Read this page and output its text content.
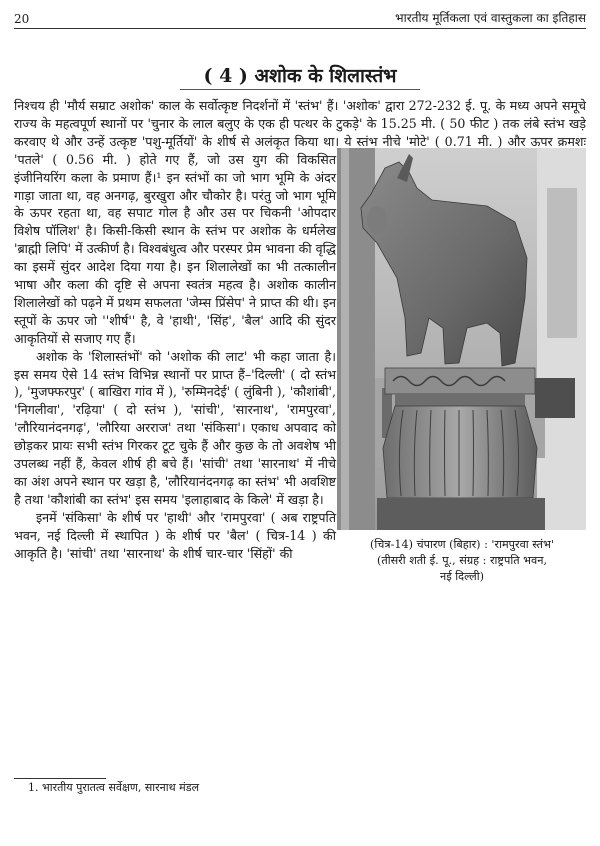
20	भारतीय मूर्तिकला एवं वास्तुकला का इतिहास
( 4 ) अशोक के शिलास्तंभ
(चित्र-14) चंपारण (बिहार) : 'रामपुरवा स्तंभ'
(तीसरी शती ई. पू., संग्रह : राष्ट्रपति भवन,
नई दिल्ली)
निश्चय ही 'मौर्य सम्राट अशोक' काल के सर्वोत्कृष्ट निदर्शनों में 'स्तंभ' हैं। 'अशोक' द्वारा 272-232 ई. पू. के मध्य अपने समूचे
राज्य के महत्वपूर्ण स्थानों पर 'चुनार के लाल बलुए के एक ही पत्थर के टुकड़े' के 15.25 मी. ( 50 फीट ) तक लंबे स्तंभ खड़े
करवाए थे और उन्हें उत्कृष्ट 'पशु-मूर्तियों' के शीर्ष से अलंकृत किया था। ये स्तंभ नीचे 'मोटे' ( 0.71 मी. ) और ऊपर क्रमशः
'पतले' ( 0.56 मी. ) होते गए हैं, जो उस युग की विकसित
इंजीनियरिंग कला के प्रमाण हैं।¹ इन स्तंभों का जो भाग भूमि के अंदर
गाड़ा जाता था, वह अनगढ़, बुरखुरा और चौकोर है। परंतु जो भाग भूमि
के ऊपर रहता था, वह सपाट गोल है और उस पर चिकनी 'ओपदार
विशेष पॉलिश' है। किसी-किसी स्थान के स्तंभ पर अशोक के धर्मलेख
'ब्राह्मी लिपि' में उत्कीर्ण है। विश्वबंधुत्व और परस्पर प्रेम भावना की वृद्धि
का इसमें सुंदर आदेश दिया गया है। इन शिलालेखों का भी तत्कालीन
भाषा और कला की दृष्टि से अपना स्वतंत्र महत्व है। अशोक कालीन
शिलालेखों को पढ़ने में प्रथम सफलता 'जेम्स प्रिंसेप' ने प्राप्त की थी। इन
स्तूपों के ऊपर जो ''शीर्ष'' है, वे 'हाथी', 'सिंह', 'बैल' आदि की सुंदर
आकृतियों से सजाए गए हैं।
अशोक के 'शिलास्तंभों' को 'अशोक की लाट' भी कहा जाता है।
इस समय ऐसे 14 स्तंभ विभिन्न स्थानों पर प्राप्त हैं–'दिल्ली' ( दो स्तंभ
), 'मुजफ्फरपुर' ( बाखिरा गांव में ), 'रुम्मिनदेई' ( लुंबिनी ), 'कौशांबी',
'निगलीवा', 'रढ़िया' ( दो स्तंभ ), 'सांची', 'सारनाथ', 'रामपुरवा',
'लौरियानंदनगढ़', 'लौरिया अरराज' तथा 'संकिसा'। एकाध अपवाद को
छोड़कर प्रायः सभी स्तंभ गिरकर टूट चुके हैं और कुछ के तो अवशेष भी
उपलब्ध नहीं हैं, केवल शीर्ष ही बचे हैं। 'सांची' तथा 'सारनाथ' में नीचे
का अंश अपने स्थान पर खड़ा है, 'लौरियानंदनगढ़ का स्तंभ' भी अवशिष्ट
है तथा 'कौशांबी का स्तंभ' इस समय 'इलाहाबाद के किले' में खड़ा है।
इनमें 'संकिसा' के शीर्ष पर 'हाथी' और 'रामपुरवा' ( अब राष्ट्रपति
भवन, नई दिल्ली में स्थापित ) के शीर्ष पर 'बैल' ( चित्र-14 ) की
आकृति है। 'सांची' तथा 'सारनाथ' के शीर्ष चार-चार 'सिंहों' की
1. भारतीय पुरातत्व सर्वेक्षण, सारनाथ मंडल
